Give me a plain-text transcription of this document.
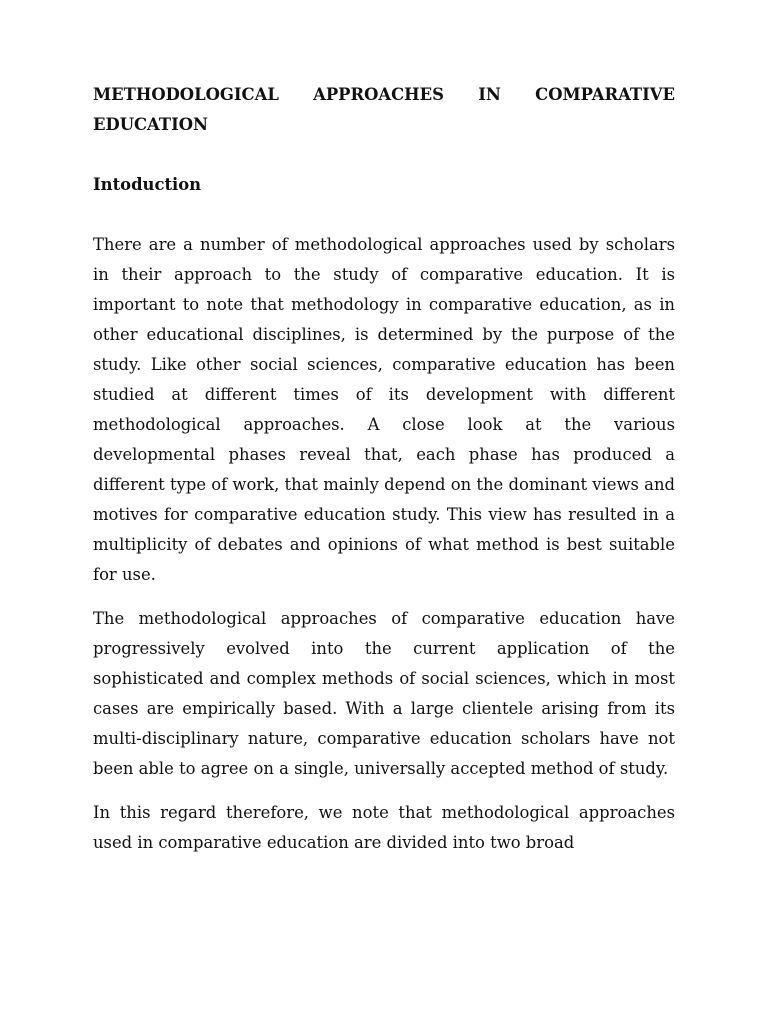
METHODOLOGICAL APPROACHES IN COMPARATIVE EDUCATION

Intoduction

There are a number of methodological approaches used by scholars in their approach to the study of comparative education. It is important to note that methodology in comparative education, as in other educational disciplines, is determined by the purpose of the study. Like other social sciences, comparative education has been studied at different times of its development with different methodological approaches. A close look at the various developmental phases reveal that, each phase has produced a different type of work, that mainly depend on the dominant views and motives for comparative education study. This view has resulted in a multiplicity of debates and opinions of what method is best suitable for use.

The methodological approaches of comparative education have progressively evolved into the current application of the sophisticated and complex methods of social sciences, which in most cases are empirically based. With a large clientele arising from its multi-disciplinary nature, comparative education scholars have not been able to agree on a single, universally accepted method of study.

In this regard therefore, we note that methodological approaches used in comparative education are divided into two broad
